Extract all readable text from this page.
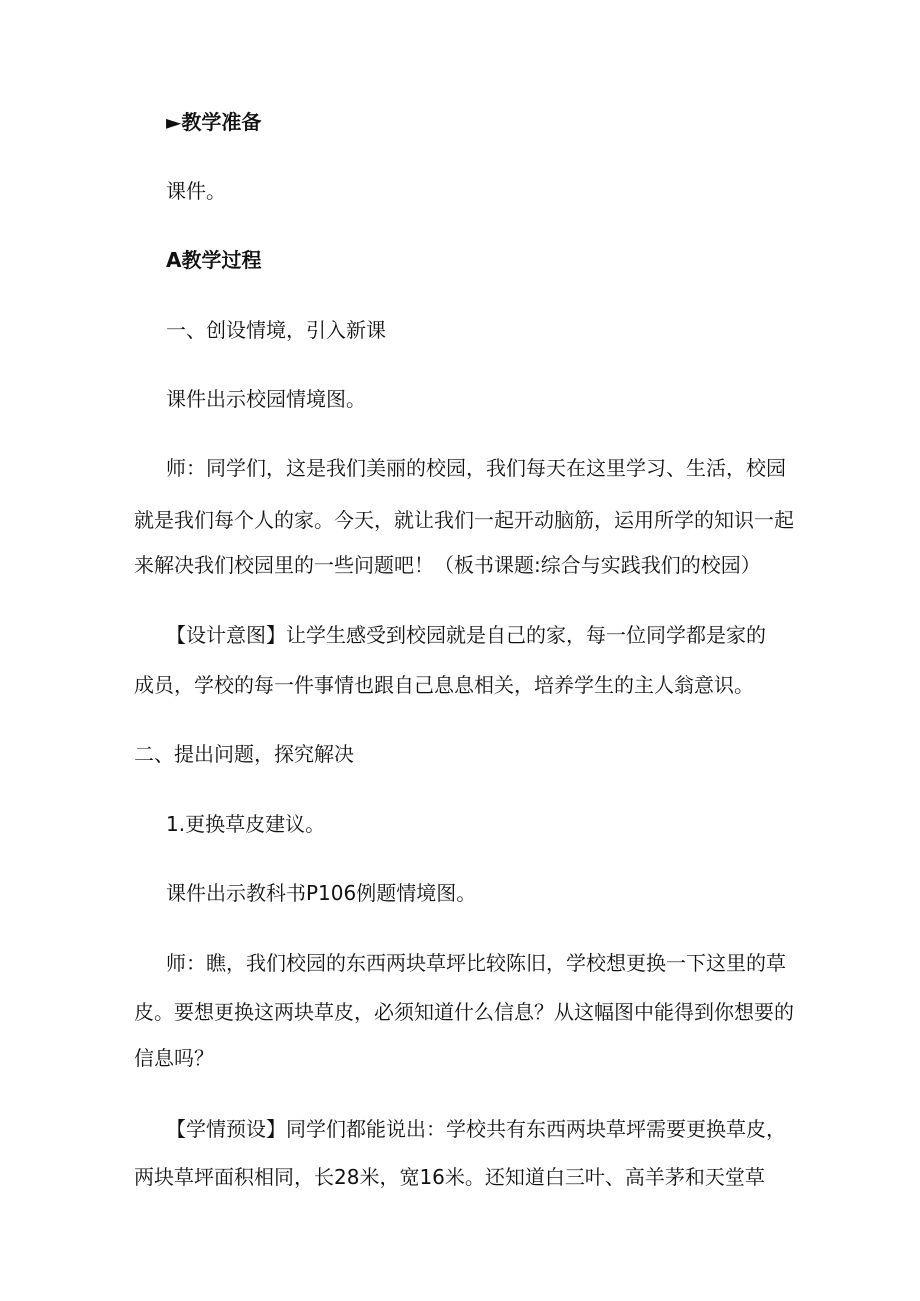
►教学准备

课件。

A教学过程

一、创设情境，引入新课

课件出示校园情境图。

师：同学们，这是我们美丽的校园，我们每天在这里学习、生活，校园

就是我们每个人的家。今天，就让我们一起开动脑筋，运用所学的知识一起

来解决我们校园里的一些问题吧！（板书课题:综合与实践我们的校园）

【设计意图】让学生感受到校园就是自己的家，每一位同学都是家的

成员，学校的每一件事情也跟自己息息相关，培养学生的主人翁意识。

二、提出问题，探究解决

1.更换草皮建议。

课件出示教科书P106例题情境图。

师：瞧，我们校园的东西两块草坪比较陈旧，学校想更换一下这里的草

皮。要想更换这两块草皮，必须知道什么信息？从这幅图中能得到你想要的

信息吗？

【学情预设】同学们都能说出：学校共有东西两块草坪需要更换草皮，

两块草坪面积相同，长28米，宽16米。还知道白三叶、高羊茅和天堂草
